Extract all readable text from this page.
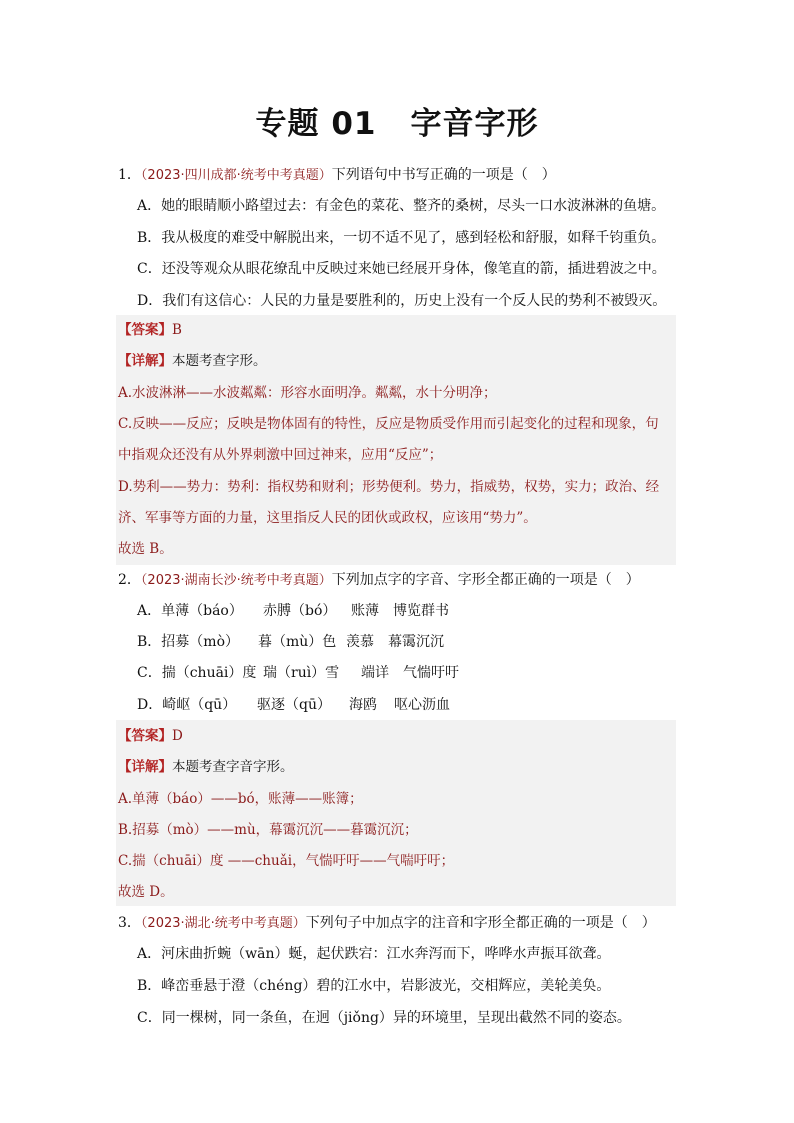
专题 01 字音字形
1．（2023·四川成都·统考中考真题）下列语句中书写正确的一项是（　）
A．她的眼睛顺小路望过去：有金色的菜花、整齐的桑树，尽头一口水波淋淋的鱼塘。
B．我从极度的难受中解脱出来，一切不适不见了，感到轻松和舒服，如释千钧重负。
C．还没等观众从眼花缭乱中反映过来她已经展开身体，像笔直的箭，插进碧波之中。
D．我们有这信心：人民的力量是要胜利的，历史上没有一个反人民的势利不被毁灭。
【答案】B
【详解】本题考查字形。
A.水波淋淋——水波粼粼：形容水面明净。粼粼，水十分明净；
C.反映——反应；反映是物体固有的特性，反应是物质受作用而引起变化的过程和现象，句
中指观众还没有从外界刺激中回过神来，应用“反应”；
D.势利——势力：势利：指权势和财利；形势便利。势力，指威势，权势，实力；政治、经
济、军事等方面的力量，这里指反人民的团伙或政权，应该用“势力”。
故选 B。
2．（2023·湖南长沙·统考中考真题）下列加点字的字音、字形全都正确的一项是（　）
A．单薄（báo） 赤膊（bó） 账薄 博览群书
B．招募（mò） 暮（mù）色 羡慕 幕霭沉沉
C．揣（chuāi）度 瑞（ruì）雪 端详 气惴吁吁
D．崎岖（qū） 驱逐（qū） 海鸥 呕心沥血
【答案】D
【详解】本题考查字音字形。
A.单薄（báo）——bó，账薄——账簿；
B.招募（mò）——mù，幕霭沉沉——暮霭沉沉；
C.揣（chuāi）度 ——chuǎi，气惴吁吁——气喘吁吁；
故选 D。
3．（2023·湖北·统考中考真题）下列句子中加点字的注音和字形全都正确的一项是（　）
A．河床曲折蜿（wān）蜒，起伏跌宕：江水奔泻而下，哗哗水声振耳欲聋。
B．峰峦垂悬于澄（chéng）碧的江水中，岩影波光，交相辉应，美轮美奂。
C．同一棵树，同一条鱼，在迥（jiǒng）异的环境里，呈现出截然不同的姿态。
